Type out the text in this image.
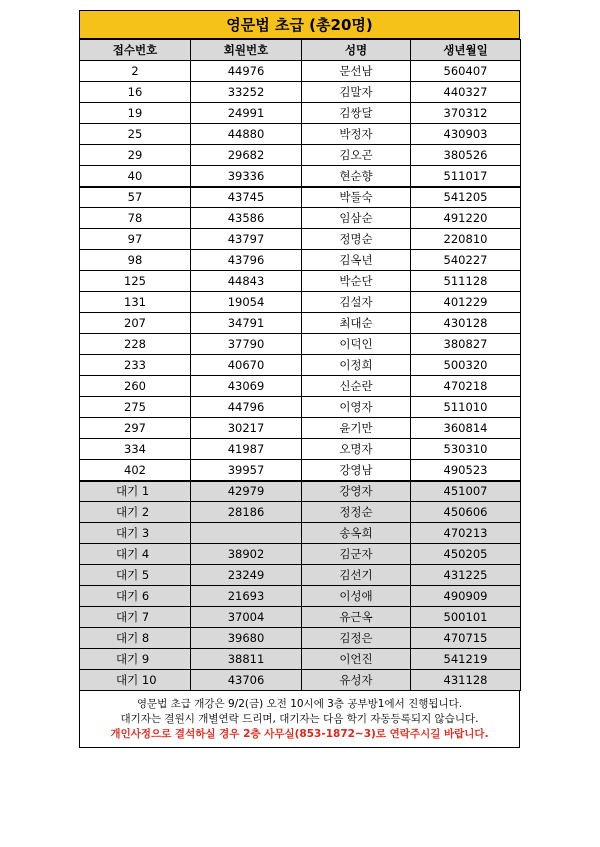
영문법 초급 (총20명)
접수번호	회원번호	성명	생년월일
2	44976	문선남	560407
16	33252	김말자	440327
19	24991	김쌍달	370312
25	44880	박정자	430903
29	29682	김오곤	380526
40	39336	현순향	511017
57	43745	박둘숙	541205
78	43586	임삼순	491220
97	43797	정명순	220810
98	43796	김옥년	540227
125	44843	박순단	511128
131	19054	김설자	401229
207	34791	최대순	430128
228	37790	이덕인	380827
233	40670	이정희	500320
260	43069	신순란	470218
275	44796	이영자	511010
297	30217	윤기만	360814
334	41987	오명자	530310
402	39957	강영남	490523
대기 1	42979	강영자	451007
대기 2	28186	정정순	450606
대기 3		송옥희	470213
대기 4	38902	김군자	450205
대기 5	23249	김선기	431225
대기 6	21693	이성애	490909
대기 7	37004	유근옥	500101
대기 8	39680	김정은	470715
대기 9	38811	이언진	541219
대기 10	43706	유성자	431128
영문법 초급 개강은 9/2(금) 오전 10시에 3층 공부방1에서 진행됩니다.
대기자는 결원시 개별연락 드리며, 대기자는 다음 학기 자동등록되지 않습니다.
개인사정으로 결석하실 경우 2층 사무실(853-1872~3)로 연락주시길 바랍니다.
